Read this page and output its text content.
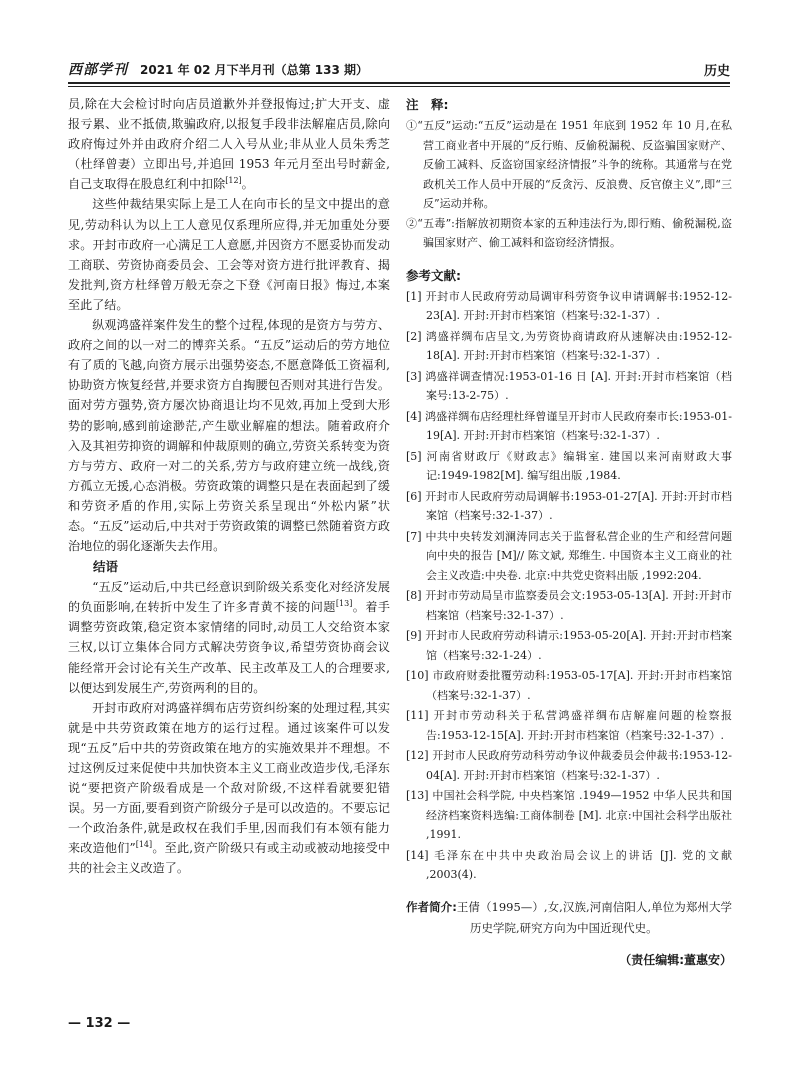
西部学刊 2021 年 02 月下半月刊（总第 133 期）	历史

员,除在大会检讨时向店员道歉外并登报悔过;扩大开支、虚报亏累、业不抵债,欺骗政府,以报复手段非法解雇店员,除向政府悔过外并由政府介绍二人入号从业;非从业人员朱秀芝（杜绎曾妻）立即出号,并追回 1953 年元月至出号时薪金,自己支取得在股息红利中扣除[12]。

这些仲裁结果实际上是工人在向市长的呈文中提出的意见,劳动科认为以上工人意见仅系理所应得,并无加重处分要求。开封市政府一心满足工人意愿,并因资方不愿妥协而发动工商联、劳资协商委员会、工会等对资方进行批评教育、揭发批判,资方杜绎曾万般无奈之下登《河南日报》悔过,本案至此了结。

纵观鸿盛祥案件发生的整个过程,体现的是资方与劳方、政府之间的以一对二的博弈关系。“五反”运动后的劳方地位有了质的飞越,向资方展示出强势姿态,不愿意降低工资福利,协助资方恢复经营,并要求资方自掏腰包否则对其进行告发。面对劳方强势,资方屡次协商退让均不见效,再加上受到大形势的影响,感到前途渺茫,产生歇业解雇的想法。随着政府介入及其袒劳抑资的调解和仲裁原则的确立,劳资关系转变为资方与劳方、政府一对二的关系,劳方与政府建立统一战线,资方孤立无援,心态消极。劳资政策的调整只是在表面起到了缓和劳资矛盾的作用,实际上劳资关系呈现出“外松内紧”状态。“五反”运动后,中共对于劳资政策的调整已然随着资方政治地位的弱化逐渐失去作用。

结语

“五反”运动后,中共已经意识到阶级关系变化对经济发展的负面影响,在转折中发生了许多青黄不接的问题[13]。着手调整劳资政策,稳定资本家情绪的同时,动员工人交给资本家三权,以订立集体合同方式解决劳资争议,希望劳资协商会议能经常开会讨论有关生产改革、民主改革及工人的合理要求,以便达到发展生产,劳资两利的目的。

开封市政府对鸿盛祥绸布店劳资纠纷案的处理过程,其实就是中共劳资政策在地方的运行过程。通过该案件可以发现“五反”后中共的劳资政策在地方的实施效果并不理想。不过这例反过来促使中共加快资本主义工商业改造步伐,毛泽东说“要把资产阶级看成是一个敌对阶级,不这样看就要犯错误。另一方面,要看到资产阶级分子是可以改造的。不要忘记一个政治条件,就是政权在我们手里,因而我们有本领有能力来改造他们”[14]。至此,资产阶级只有或主动或被动地接受中共的社会主义改造了。

注　释:

①“五反”运动:“五反”运动是在 1951 年底到 1952 年 10 月,在私营工商业者中开展的“反行贿、反偷税漏税、反盗骗国家财产、反偷工减料、反盗窃国家经济情报”斗争的统称。其通常与在党政机关工作人员中开展的“反贪污、反浪费、反官僚主义”,即“三反”运动并称。

②“五毒”:指解放初期资本家的五种违法行为,即行贿、偷税漏税,盗骗国家财产、偷工减料和盗窃经济情报。

参考文献:

[1] 开封市人民政府劳动局调审科劳资争议申请调解书:1952-12-23[A]. 开封:开封市档案馆（档案号:32-1-37）.

[2] 鸿盛祥绸布店呈文,为劳资协商请政府从速解决由:1952-12-18[A]. 开封:开封市档案馆（档案号:32-1-37）.

[3] 鸿盛祥调查情况:1953-01-16 日 [A]. 开封:开封市档案馆（档案号:13-2-75）.

[4] 鸿盛祥绸布店经理杜绎曾谨呈开封市人民政府秦市长:1953-01-19[A]. 开封:开封市档案馆（档案号:32-1-37）.

[5] 河南省财政厅《财政志》编辑室. 建国以来河南财政大事记:1949-1982[M]. 编写组出版 ,1984.

[6] 开封市人民政府劳动局调解书:1953-01-27[A]. 开封:开封市档案馆（档案号:32-1-37）.

[7] 中共中央转发刘澜涛同志关于监督私营企业的生产和经营问题向中央的报告 [M]// 陈文斌, 郑维生. 中国资本主义工商业的社会主义改造:中央卷. 北京:中共党史资料出版 ,1992:204.

[8] 开封市劳动局呈市监察委员会文:1953-05-13[A]. 开封:开封市档案馆（档案号:32-1-37）.

[9] 开封市人民政府劳动科请示:1953-05-20[A]. 开封:开封市档案馆（档案号:32-1-24）.

[10] 市政府财委批覆劳动科:1953-05-17[A]. 开封:开封市档案馆（档案号:32-1-37）.

[11] 开封市劳动科关于私营鸿盛祥绸布店解雇问题的检察报告:1953-12-15[A]. 开封:开封市档案馆（档案号:32-1-37）.

[12] 开封市人民政府劳动科劳动争议仲裁委员会仲裁书:1953-12-04[A]. 开封:开封市档案馆（档案号:32-1-37）.

[13] 中国社会科学院, 中央档案馆 .1949—1952 中华人民共和国经济档案资料选编:工商体制卷 [M]. 北京:中国社会科学出版社 ,1991.

[14] 毛泽东在中共中央政治局会议上的讲话 [J]. 党的文献 ,2003(4).

作者简介:王倩（1995—）,女,汉族,河南信阳人,单位为郑州大学历史学院,研究方向为中国近现代史。

（责任编辑:董惠安）
— 132 —
